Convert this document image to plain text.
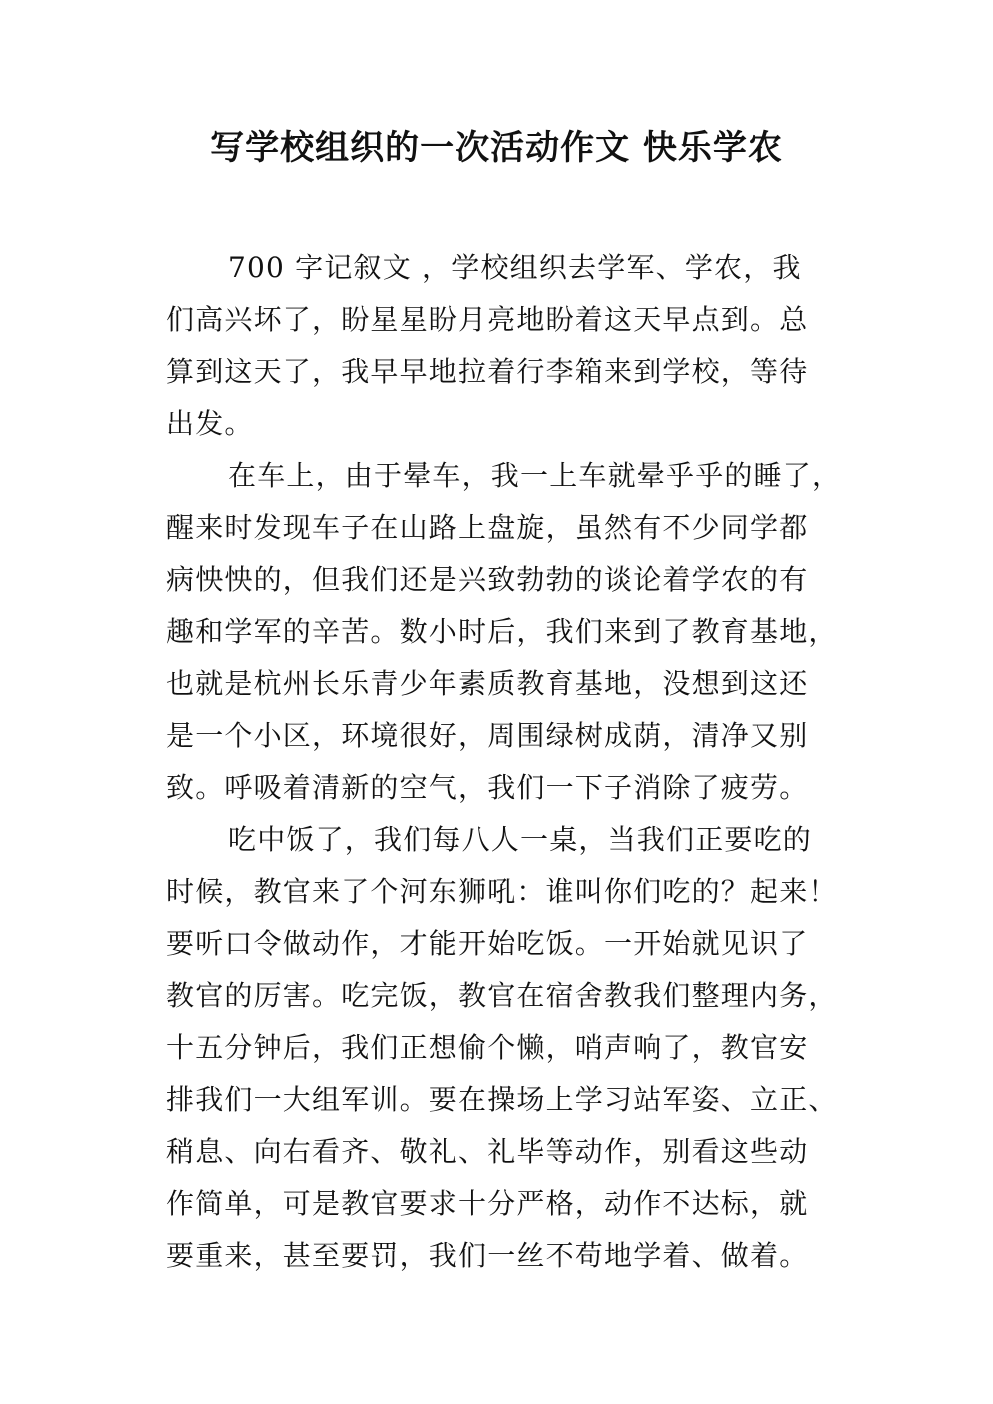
写学校组织的一次活动作文 快乐学农
700 字记叙文 ，学校组织去学军、学农，我
们高兴坏了，盼星星盼月亮地盼着这天早点到。总
算到这天了，我早早地拉着行李箱来到学校，等待
出发。
在车上，由于晕车，我一上车就晕乎乎的睡了，
醒来时发现车子在山路上盘旋，虽然有不少同学都
病怏怏的，但我们还是兴致勃勃的谈论着学农的有
趣和学军的辛苦。数小时后，我们来到了教育基地，
也就是杭州长乐青少年素质教育基地，没想到这还
是一个小区，环境很好，周围绿树成荫，清净又别
致。呼吸着清新的空气，我们一下子消除了疲劳。
吃中饭了，我们每八人一桌，当我们正要吃的
时候，教官来了个河东狮吼：谁叫你们吃的？起来！
要听口令做动作，才能开始吃饭。一开始就见识了
教官的厉害。吃完饭，教官在宿舍教我们整理内务，
十五分钟后，我们正想偷个懒，哨声响了，教官安
排我们一大组军训。要在操场上学习站军姿、立正、
稍息、向右看齐、敬礼、礼毕等动作，别看这些动
作简单，可是教官要求十分严格，动作不达标，就
要重来，甚至要罚，我们一丝不苟地学着、做着。
